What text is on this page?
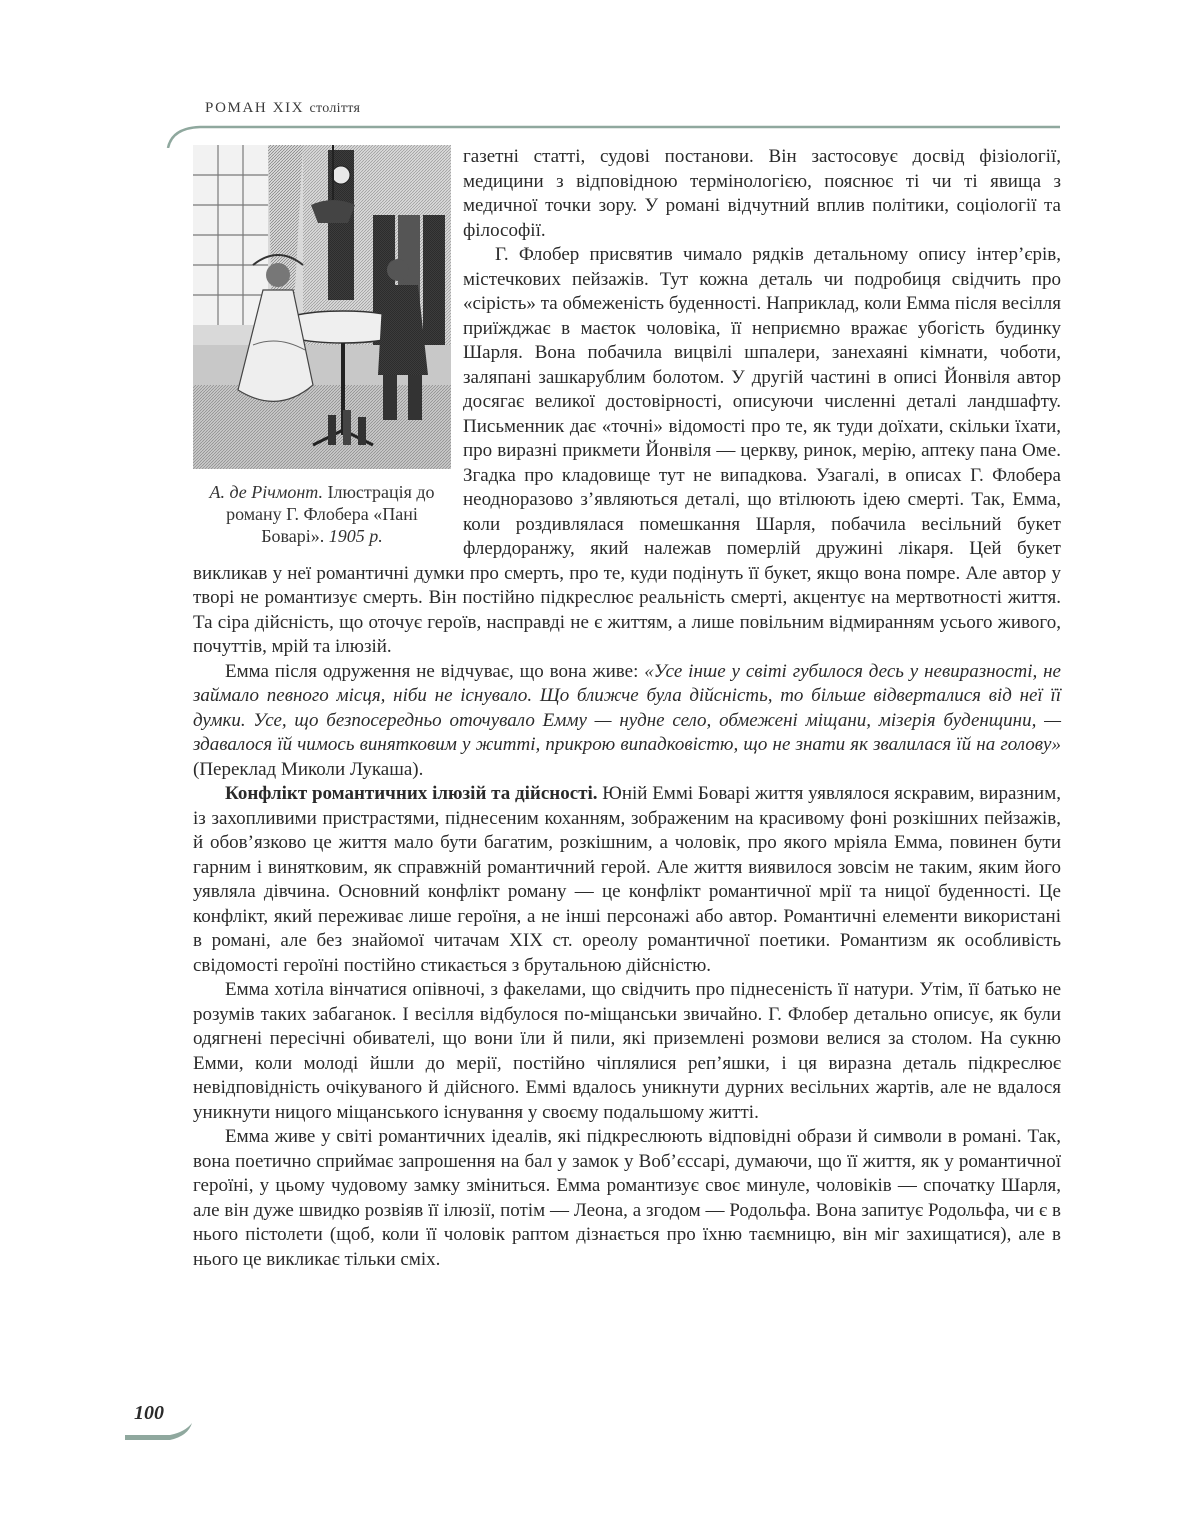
РОМАН XIX століття
А. де Річмонт. Ілюстрація до роману Г. Флобера «Пані Боварі». 1905 р.

газетні статті, судові постанови. Він застосовує досвід фізіології, медицини з відповідною термінологією, пояснює ті чи ті явища з медичної точки зору. У романі відчутний вплив політики, соціології та філософії.

Г. Флобер присвятив чимало рядків детальному опису інтер’єрів, містечкових пейзажів. Тут кожна деталь чи подробиця свідчить про «сірість» та обмеженість буденності. Наприклад, коли Емма після весілля приїжджає в маєток чоловіка, її неприємно вражає убогість будинку Шарля. Вона побачила вицвілі шпалери, занехаяні кімнати, чоботи, заляпані зашкарублим болотом. У другій частині в описі Йонвіля автор досягає великої достовірності, описуючи численні деталі ландшафту. Письменник дає «точні» відомості про те, як туди доїхати, скільки їхати, про виразні прикмети Йонвіля — церкву, ринок, мерію, аптеку пана Оме. Згадка про кладовище тут не випадкова. Узагалі, в описах Г. Флобера неодноразово з’являються деталі, що втілюють ідею смерті. Так, Емма, коли роздивлялася помешкання Шарля, побачила весільний букет флердоранжу, який належав померлій дружині лікаря. Цей букет викликав у неї романтичні думки про смерть, про те, куди подінуть її букет, якщо вона помре. Але автор у творі не романтизує смерть. Він постійно підкреслює реальність смерті, акцентує на мертвотності життя. Та сіра дійсність, що оточує героїв, насправді не є життям, а лише повільним відмиранням усього живого, почуттів, мрій та ілюзій.

Емма після одруження не відчуває, що вона живе: «Усе інше у світі губилося десь у невиразності, не займало певного місця, ніби не існувало. Що ближче була дійсність, то більше відверталися від неї її думки. Усе, що безпосередньо оточувало Емму — нудне село, обмежені міщани, мізерія буденщини, — здавалося їй чимось винятковим у житті, прикрою випадковістю, що не знати як звалилася їй на голову» (Переклад Миколи Лукаша).

Конфлікт романтичних ілюзій та дійсності. Юній Еммі Боварі життя уявлялося яскравим, виразним, із захопливими пристрастями, піднесеним коханням, зображеним на красивому фоні розкішних пейзажів, й обов’язково це життя мало бути багатим, розкішним, а чоловік, про якого мріяла Емма, повинен бути гарним і винятковим, як справжній романтичний герой. Але життя виявилося зовсім не таким, яким його уявляла дівчина. Основний конфлікт роману — це конфлікт романтичної мрії та ницої буденності. Це конфлікт, який переживає лише героїня, а не інші персонажі або автор. Романтичні елементи використані в романі, але без знайомої читачам XIX ст. ореолу романтичної поетики. Романтизм як особливість свідомості героїні постійно стикається з брутальною дійсністю.

Емма хотіла вінчатися опівночі, з факелами, що свідчить про піднесеність її натури. Утім, її батько не розумів таких забаганок. І весілля відбулося по-міщанськи звичайно. Г. Флобер детально описує, як були одягнені пересічні обивателі, що вони їли й пили, які приземлені розмови велися за столом. На сукню Емми, коли молоді йшли до мерії, постійно чіплялися реп’яшки, і ця виразна деталь підкреслює невідповідність очікуваного й дійсного. Еммі вдалось уникнути дурних весільних жартів, але не вдалося уникнути ницого міщанського існування у своєму подальшому житті.

Емма живе у світі романтичних ідеалів, які підкреслюють відповідні образи й символи в романі. Так, вона поетично сприймає запрошення на бал у замок у Воб’єссарі, думаючи, що її життя, як у романтичної героїні, у цьому чудовому замку зміниться. Емма романтизує своє минуле, чоловіків — спочатку Шарля, але він дуже швидко розвіяв її ілюзії, потім — Леона, а згодом — Родольфа. Вона запитує Родольфа, чи є в нього пістолети (щоб, коли її чоловік раптом дізнається про їхню таємницю, він міг захищатися), але в нього це викликає тільки сміх.

100
